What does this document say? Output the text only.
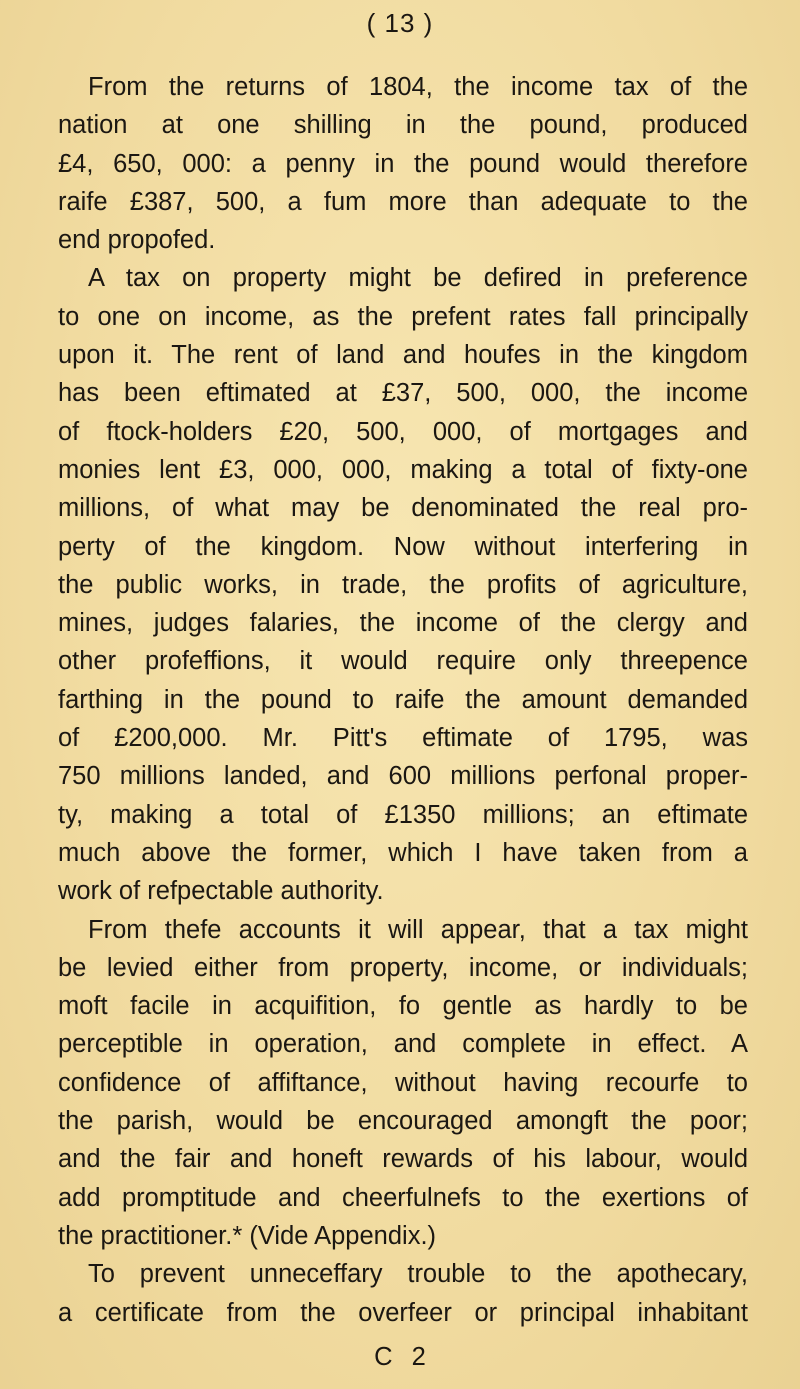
( 13 )

From the returns of 1804, the income tax of the
nation at one shilling in the pound, produced
£4, 650, 000: a penny in the pound would therefore
raife £387, 500, a fum more than adequate to the
end propofed.

A tax on property might be defired in preference
to one on income, as the prefent rates fall principally
upon it. The rent of land and houfes in the kingdom
has been eftimated at £37, 500, 000, the income
of ftock-holders £20, 500, 000, of mortgages and
monies lent £3, 000, 000, making a total of fixty-one
millions, of what may be denominated the real pro-
perty of the kingdom. Now without interfering in
the public works, in trade, the profits of agriculture,
mines, judges falaries, the income of the clergy and
other profeffions, it would require only threepence
farthing in the pound to raife the amount demanded
of £200,000. Mr. Pitt's eftimate of 1795, was
750 millions landed, and 600 millions perfonal proper-
ty, making a total of £1350 millions; an eftimate
much above the former, which I have taken from a
work of refpectable authority.

From thefe accounts it will appear, that a tax might
be levied either from property, income, or individuals;
moft facile in acquifition, fo gentle as hardly to be
perceptible in operation, and complete in effect. A
confidence of affiftance, without having recourfe to
the parish, would be encouraged amongft the poor;
and the fair and honeft rewards of his labour, would
add promptitude and cheerfulnefs to the exertions of
the practitioner.* (Vide Appendix.)

To prevent unneceffary trouble to the apothecary,
a certificate from the overfeer or principal inhabitant

C 2
